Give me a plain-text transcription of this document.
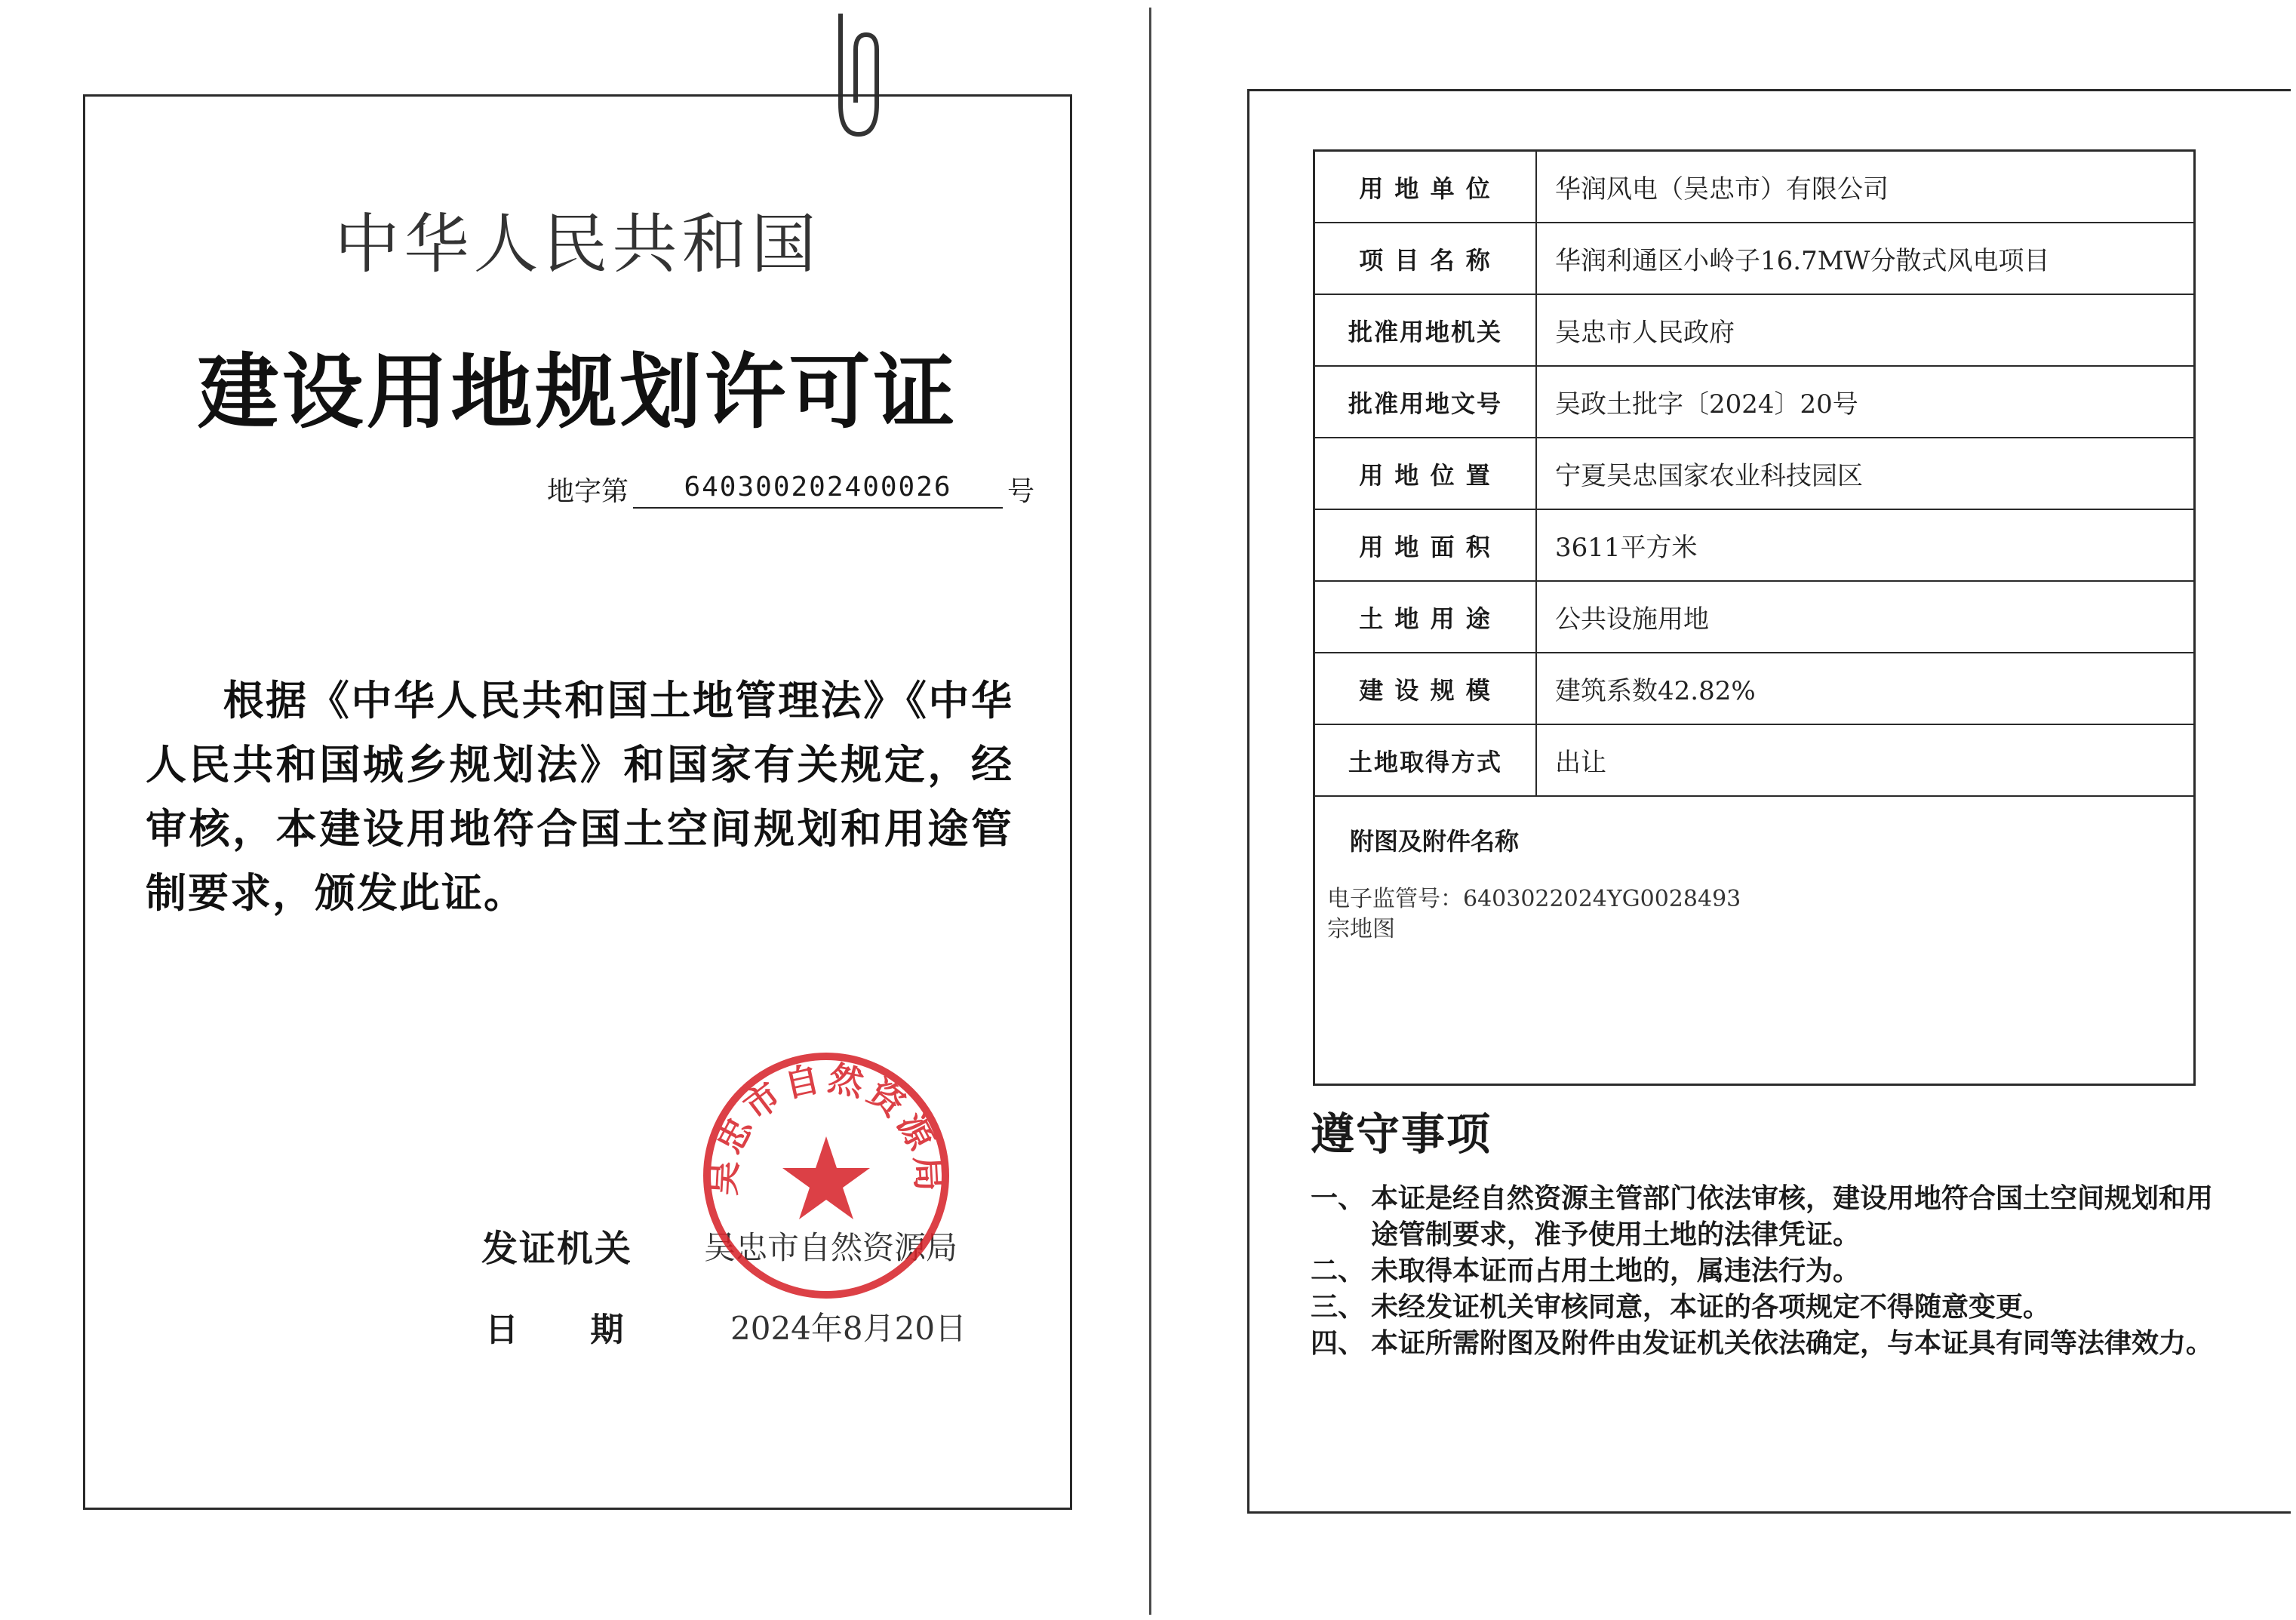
中华人民共和国
建设用地规划许可证
地字第	640300202400026	号
根据《中华人民共和国土地管理法》《中华人民共和国城乡规划法》和国家有关规定，经审核，本建设用地符合国土空间规划和用途管制要求，颁发此证。
发证机关 吴忠市自然资源局
日 期	2024年8月20日
吴忠市自然资源局
用 地 单 位	华润风电（吴忠市）有限公司
项 目 名 称	华润利通区小岭子16.7MW分散式风电项目
批准用地机关	吴忠市人民政府
批准用地文号	吴政土批字〔2024〕20号
用 地 位 置	宁夏吴忠国家农业科技园区
用 地 面 积	3611平方米
土 地 用 途	公共设施用地
建 设 规 模	建筑系数42.82%
土地取得方式	出让

附图及附件名称
电子监管号：6403022024YG0028493
宗地图	
遵守事项
一、 本证是经自然资源主管部门依法审核，建设用地符合国土空间规划和用途管制要求，准予使用土地的法律凭证。
二、 未取得本证而占用土地的，属违法行为。
三、 未经发证机关审核同意，本证的各项规定不得随意变更。
四、 本证所需附图及附件由发证机关依法确定，与本证具有同等法律效力。
